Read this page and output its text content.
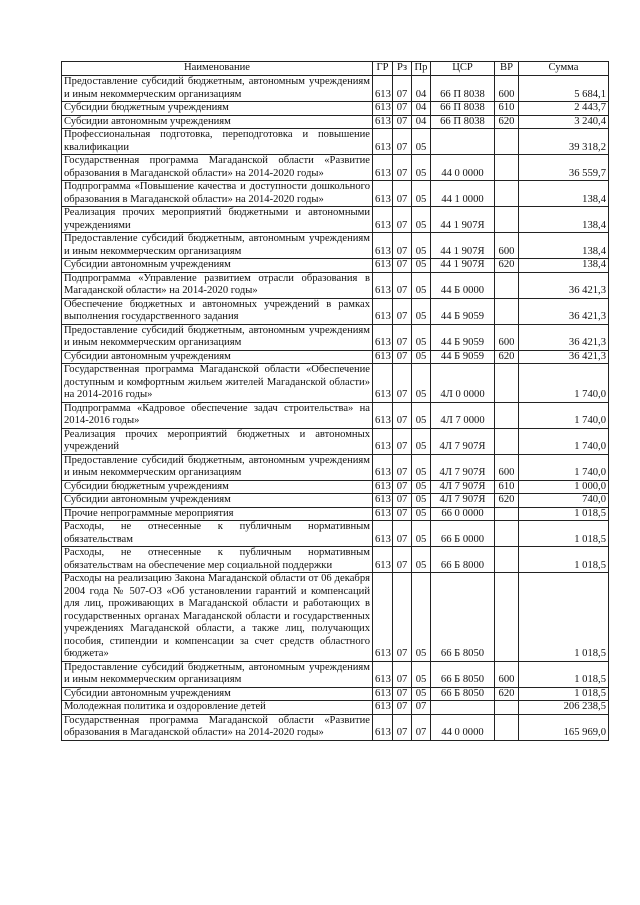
Наименование	ГР	Рз	Пр	ЦСР	ВР	Сумма
Предоставление субсидий бюджетным, автономным учреждениям и иным некоммерческим организациям	613	07	04	66 П 8038	600	5 684,1
Субсидии бюджетным учреждениям	613	07	04	66 П 8038	610	2 443,7
Субсидии автономным учреждениям	613	07	04	66 П 8038	620	3 240,4
Профессиональная подготовка, переподготовка и повышение квалификации	613	07	05			39 318,2
Государственная программа Магаданской области «Развитие образования в Магаданской области» на 2014-2020 годы»	613	07	05	44 0 0000		36 559,7
Подпрограмма «Повышение качества и доступности дошкольного образования в Магаданской области» на 2014-2020 годы»	613	07	05	44 1 0000		138,4
Реализация прочих мероприятий бюджетными и автономными учреждениями	613	07	05	44 1 907Я		138,4
Предоставление субсидий бюджетным, автономным учреждениям и иным некоммерческим организациям	613	07	05	44 1 907Я	600	138,4
Субсидии автономным учреждениям	613	07	05	44 1 907Я	620	138,4
Подпрограмма «Управление развитием отрасли образования в Магаданской области» на 2014-2020 годы»	613	07	05	44 Б 0000		36 421,3
Обеспечение бюджетных и автономных учреждений в рамках выполнения государственного задания	613	07	05	44 Б 9059		36 421,3
Предоставление субсидий бюджетным, автономным учреждениям и иным некоммерческим организациям	613	07	05	44 Б 9059	600	36 421,3
Субсидии автономным учреждениям	613	07	05	44 Б 9059	620	36 421,3
Государственная программа Магаданской области «Обеспечение доступным и комфортным жильем жителей Магаданской области» на 2014-2016 годы»	613	07	05	4Л 0 0000		1 740,0
Подпрограмма «Кадровое обеспечение задач строительства» на 2014-2016 годы»	613	07	05	4Л 7 0000		1 740,0
Реализация прочих мероприятий бюджетных и автономных учреждений	613	07	05	4Л 7 907Я		1 740,0
Предоставление субсидий бюджетным, автономным учреждениям и иным некоммерческим организациям	613	07	05	4Л 7 907Я	600	1 740,0
Субсидии бюджетным учреждениям	613	07	05	4Л 7 907Я	610	1 000,0
Субсидии автономным учреждениям	613	07	05	4Л 7 907Я	620	740,0
Прочие непрограммные мероприятия	613	07	05	66 0 0000		1 018,5
Расходы, не отнесенные к публичным нормативным обязательствам	613	07	05	66 Б 0000		1 018,5
Расходы, не отнесенные к публичным нормативным обязательствам на обеспечение мер социальной поддержки	613	07	05	66 Б 8000		1 018,5
Расходы на реализацию Закона Магаданской области от 06 декабря 2004 года № 507-ОЗ «Об установлении гарантий и компенсаций для лиц, проживающих в Магаданской области и работающих в государственных органах Магаданской области и государственных учреждениях Магаданской области, а также лиц, получающих пособия, стипендии и компенсации за счет средств областного бюджета»	613	07	05	66 Б 8050		1 018,5
Предоставление субсидий бюджетным, автономным учреждениям и иным некоммерческим организациям	613	07	05	66 Б 8050	600	1 018,5
Субсидии автономным учреждениям	613	07	05	66 Б 8050	620	1 018,5
Молодежная политика и оздоровление детей	613	07	07			206 238,5
Государственная программа Магаданской области «Развитие образования в Магаданской области» на 2014-2020 годы»	613	07	07	44 0 0000		165 969,0
